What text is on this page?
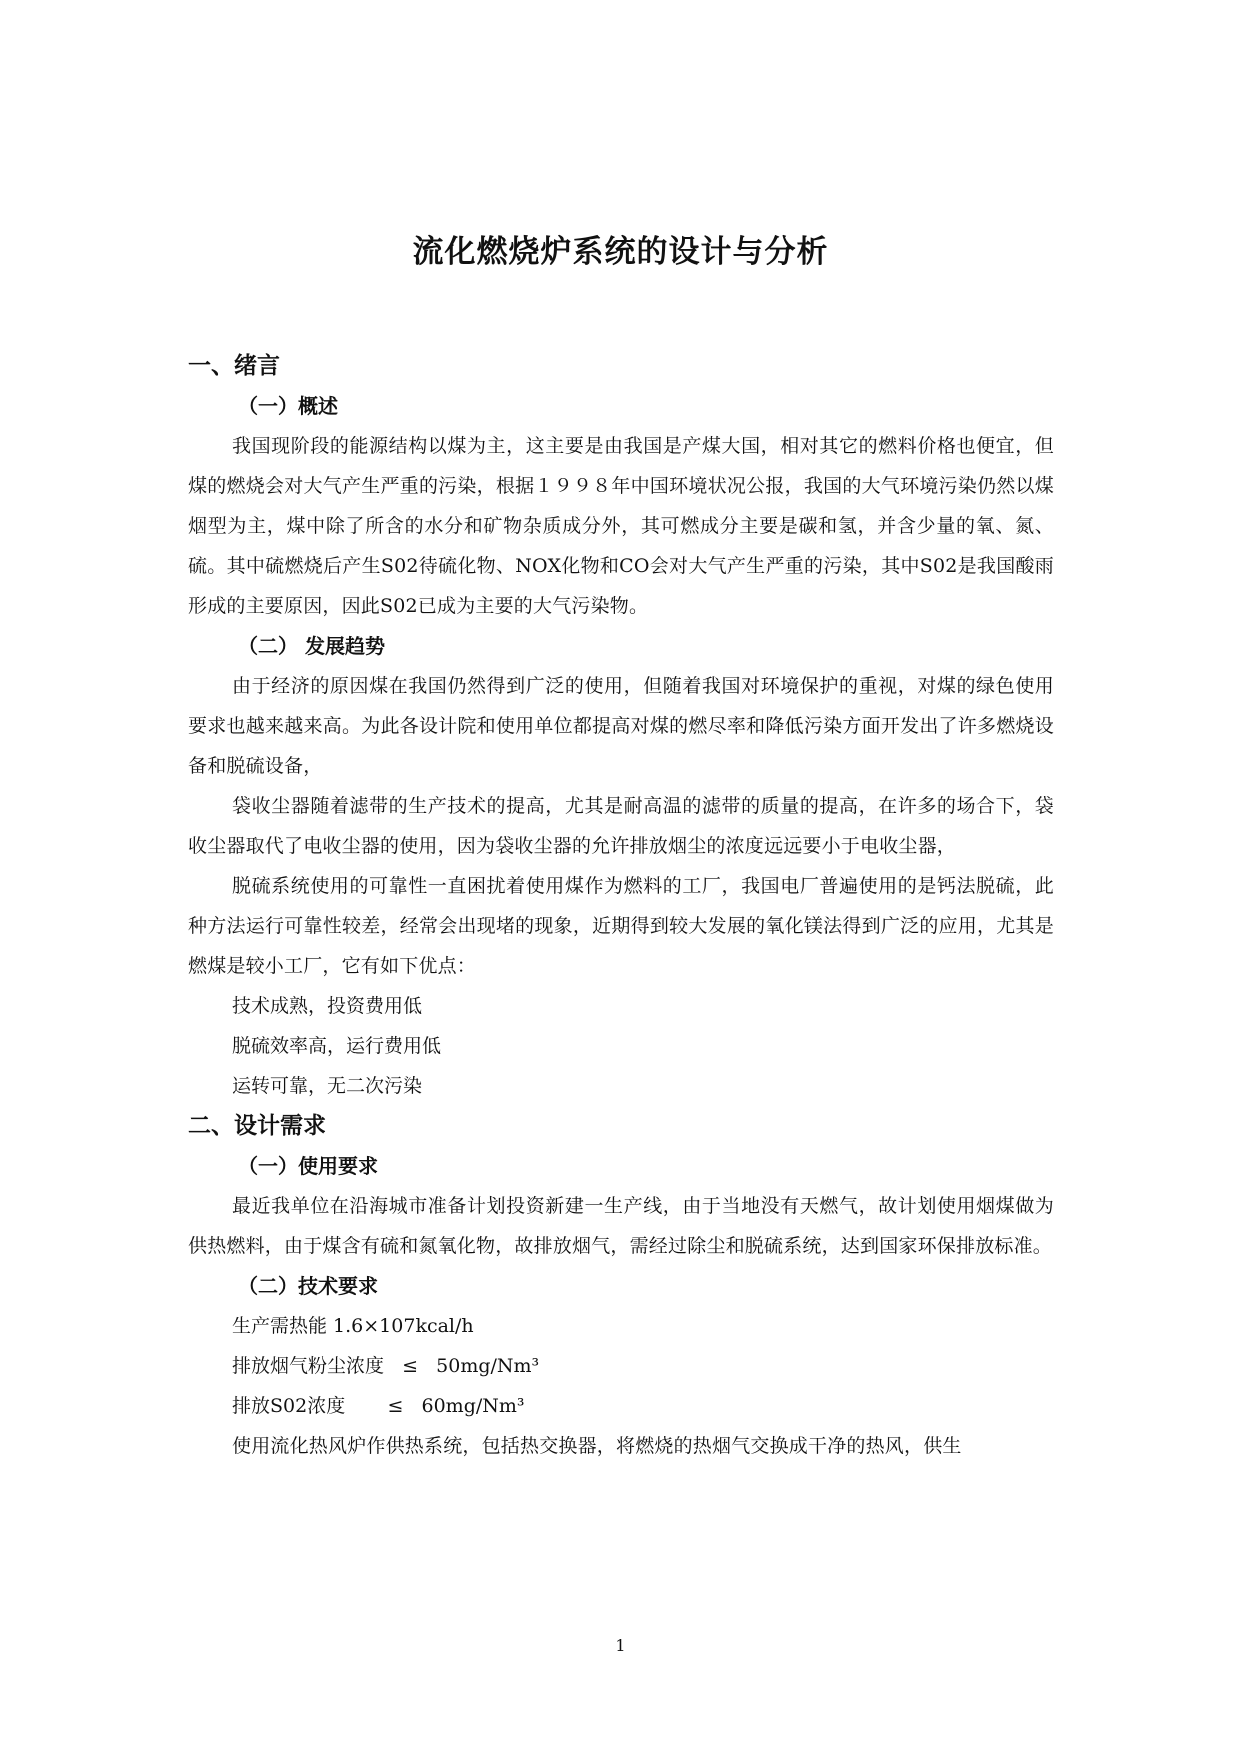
流化燃烧炉系统的设计与分析

一、绪言

（一）概述

我国现阶段的能源结构以煤为主，这主要是由我国是产煤大国，相对其它的燃料价格也便宜，但煤的燃烧会对大气产生严重的污染，根据１９９８年中国环境状况公报，我国的大气环境污染仍然以煤烟型为主，煤中除了所含的水分和矿物杂质成分外，其可燃成分主要是碳和氢，并含少量的氧、氮、硫。其中硫燃烧后产生S02待硫化物、NOX化物和CO会对大气产生严重的污染，其中S02是我国酸雨形成的主要原因，因此S02已成为主要的大气污染物。

（二） 发展趋势

由于经济的原因煤在我国仍然得到广泛的使用，但随着我国对环境保护的重视，对煤的绿色使用要求也越来越来高。为此各设计院和使用单位都提高对煤的燃尽率和降低污染方面开发出了许多燃烧设备和脱硫设备，

袋收尘器随着滤带的生产技术的提高，尤其是耐高温的滤带的质量的提高，在许多的场合下，袋收尘器取代了电收尘器的使用，因为袋收尘器的允许排放烟尘的浓度远远要小于电收尘器，

脱硫系统使用的可靠性一直困扰着使用煤作为燃料的工厂，我国电厂普遍使用的是钙法脱硫，此种方法运行可靠性较差，经常会出现堵的现象，近期得到较大发展的氧化镁法得到广泛的应用，尤其是燃煤是较小工厂，它有如下优点：

技术成熟，投资费用低

脱硫效率高，运行费用低

运转可靠，无二次污染

二、设计需求

（一）使用要求

最近我单位在沿海城市准备计划投资新建一生产线，由于当地没有天燃气，故计划使用烟煤做为供热燃料，由于煤含有硫和氮氧化物，故排放烟气，需经过除尘和脱硫系统，达到国家环保排放标准。

（二）技术要求

生产需热能 1.6×107kcal/h

排放烟气粉尘浓度   ≤   50mg/Nm³

排放S02浓度       ≤   60mg/Nm³

使用流化热风炉作供热系统，包括热交换器，将燃烧的热烟气交换成干净的热风，供生

1
